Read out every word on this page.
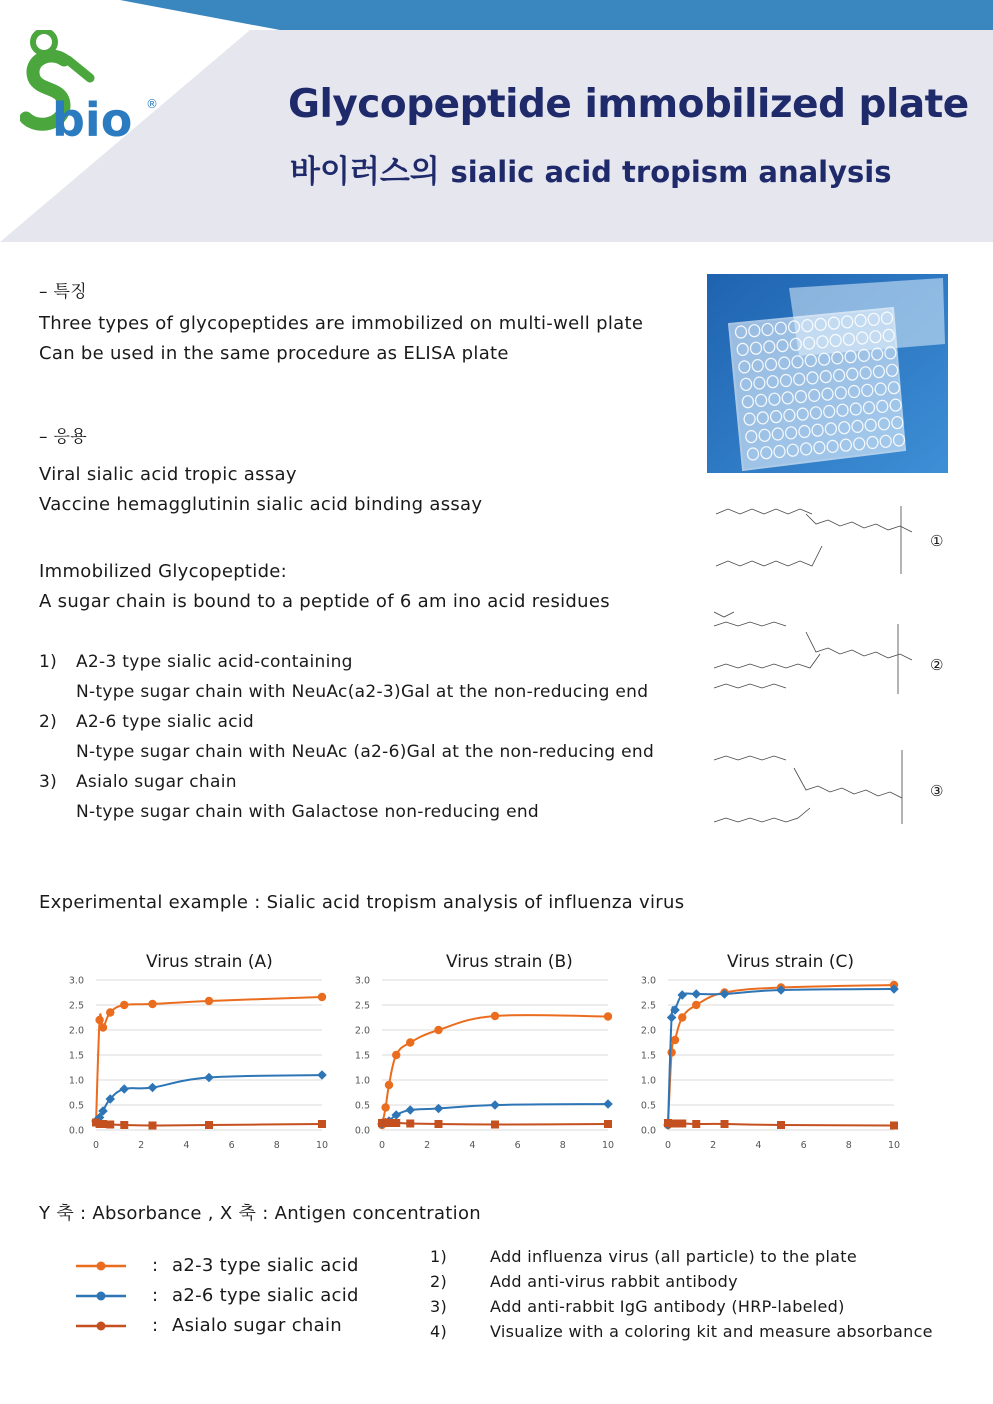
bio ®	Glycopeptide immobilized plate
바이러스의 sialic acid tropism analysis
– 특징
Three types of glycopeptides are immobilized on multi-well plate
Can be used in the same procedure as ELISA plate
– 응용
Viral sialic acid tropic assay
Vaccine hemagglutinin sialic acid binding assay
Immobilized Glycopeptide:
A sugar chain is bound to a peptide of 6 am ino acid residues
1) A2-3 type sialic acid-containing
N-type sugar chain with NeuAc(a2-3)Gal at the non-reducing end
2) A2-6 type sialic acid
N-type sugar chain with NeuAc (a2-6)Gal at the non-reducing end
3) Asialo sugar chain
N-type sugar chain with Galactose non-reducing end
①
②
③
Experimental example : Sialic acid tropism analysis of influenza virus
Virus strain (A)	Virus strain (B)	Virus strain (C)
0.0
0.5
1.0
1.5
2.0
2.5
3.0
0	2	4	6	8	10
0.0
0.5
1.0
1.5
2.0
2.5
3.0
0	2	4	6	8	10
0.0
0.5
1.0
1.5
2.0
2.5
3.0
0	2	4	6	8	10
Y 축 : Absorbance , X 축 : Antigen concentration
: a2-3 type sialic acid
: a2-6 type sialic acid
: Asialo sugar chain
1)	Add influenza virus (all particle) to the plate
2)	Add anti-virus rabbit antibody
3)	Add anti-rabbit IgG antibody (HRP-labeled)
4)	Visualize with a coloring kit and measure absorbance
